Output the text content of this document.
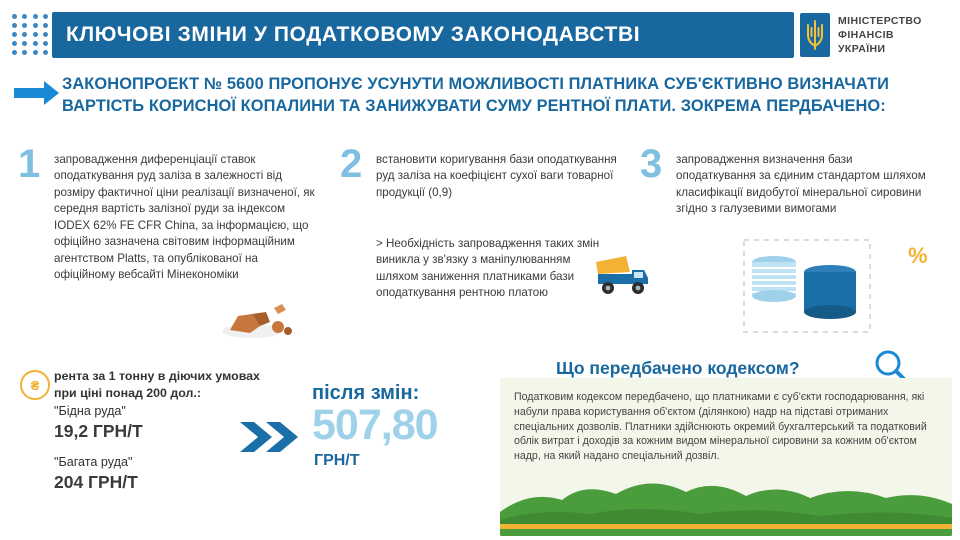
КЛЮЧОВІ ЗМІНИ У ПОДАТКОВОМУ ЗАКОНОДАВСТВІ
МІНІСТЕРСТВО
ФІНАНСІВ
УКРАЇНИ
ЗАКОНОПРОЕКТ № 5600 ПРОПОНУЄ УСУНУТИ МОЖЛИВОСТІ ПЛАТНИКА СУБ'ЄКТИВНО ВИЗНАЧАТИ ВАРТІСТЬ КОРИСНОЇ КОПАЛИНИ ТА ЗАНИЖУВАТИ СУМУ РЕНТНОЇ ПЛАТИ. ЗОКРЕМА ПЕРДБАЧЕНО:
1 запровадження диференціації ставок оподаткування руд заліза в залежності від розміру фактичної ціни реалізації визначеної, як середня вартість залізної руди за індексом IODEX 62% FE CFR China, за інформацією, що офіційно зазначена світовим інформаційним агентством Platts, та опублікованої на офіційному вебсайті Мінекономіки
2 встановити коригування бази оподаткування руд заліза на коефіцієнт сухої ваги товарної продукції (0,9)
> Необхідність запровадження таких змін виникла у зв'язку з маніпулюванням шляхом заниження платниками бази оподаткування рентною платою
3 запровадження визначення бази оподаткування за єдиним стандартом шляхом класифікації видобутої мінеральної сировини згідно з галузевими вимогами
%
₴
рента за 1 тонну в діючих умовах при ціні понад 200 дол.:
"Бідна руда"
19,2 ГРН/Т
"Багата руда"
204 ГРН/Т
після змін:
507,80
ГРН/Т
Що передбачено кодексом?
Податковим кодексом передбачено, що платниками є суб'єкти господарювання, які набули права користування об'єктом (ділянкою) надр на підставі отриманих спеціальних дозволів. Платники здійснюють окремий бухгалтерський та податковий облік витрат і доходів за кожним видом мінеральної сировини за кожним об'єктом надр, на який надано спеціальний дозвіл.
